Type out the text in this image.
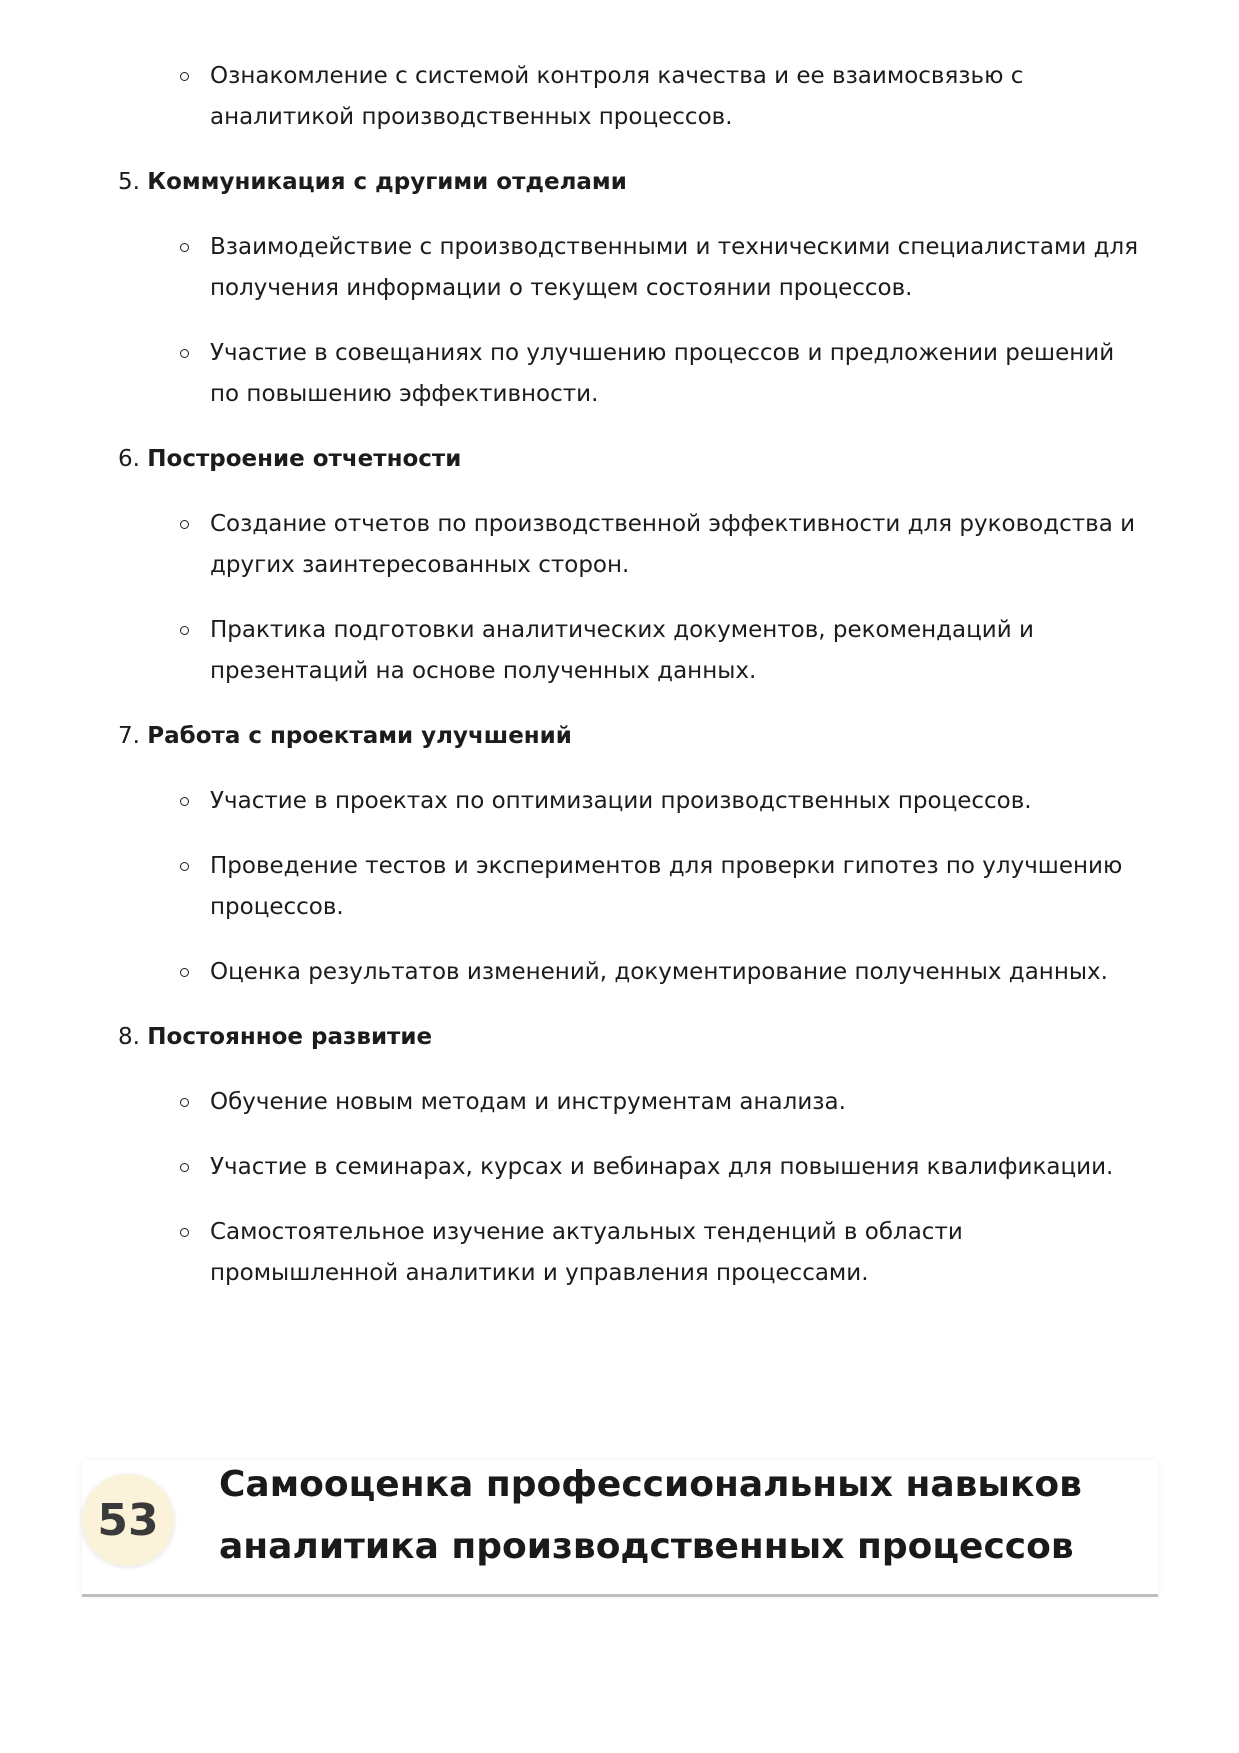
Ознакомление с системой контроля качества и ее взаимосвязью с аналитикой производственных процессов.
5. Коммуникация с другими отделами
Взаимодействие с производственными и техническими специалистами для получения информации о текущем состоянии процессов.
Участие в совещаниях по улучшению процессов и предложении решений по повышению эффективности.
6. Построение отчетности
Создание отчетов по производственной эффективности для руководства и других заинтересованных сторон.
Практика подготовки аналитических документов, рекомендаций и презентаций на основе полученных данных.
7. Работа с проектами улучшений
Участие в проектах по оптимизации производственных процессов.
Проведение тестов и экспериментов для проверки гипотез по улучшению процессов.
Оценка результатов изменений, документирование полученных данных.
8. Постоянное развитие
Обучение новым методам и инструментам анализа.
Участие в семинарах, курсах и вебинарах для повышения квалификации.
Самостоятельное изучение актуальных тенденций в области промышленной аналитики и управления процессами.
53
Самооценка профессиональных навыков
аналитика производственных процессов
